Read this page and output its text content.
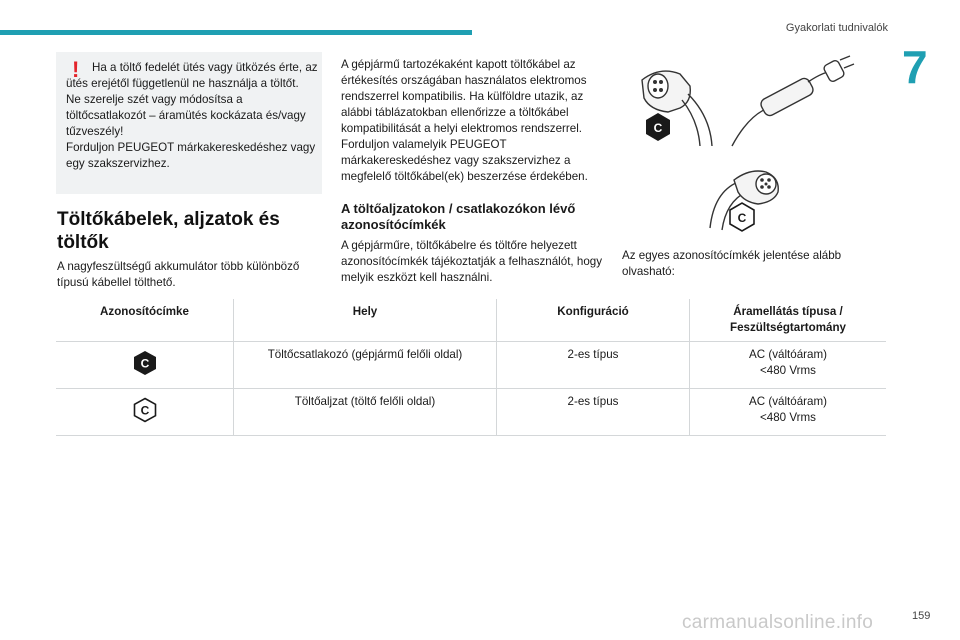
Gyakorlati tudnivalók
7
!	Ha a töltő fedelét ütés vagy ütközés érte, az ütés erejétől függetlenül ne használja a töltőt.
Ne szerelje szét vagy módosítsa a töltőcsatlakozót – áramütés kockázata és/vagy tűzveszély!
Forduljon PEUGEOT márkakereskedéshez vagy egy szakszervizhez.
Töltőkábelek, aljzatok és töltők
A nagyfeszültségű akkumulátor több különböző típusú kábellel tölthető.
A gépjármű tartozékaként kapott töltőkábel az értékesítés országában használatos elektromos rendszerrel kompatibilis. Ha külföldre utazik, az alábbi táblázatokban ellenőrizze a töltőkábel kompatibilitását a helyi elektromos rendszerrel. Forduljon valamelyik PEUGEOT márkakereskedéshez vagy szakszervizhez a megfelelő töltőkábel(ek) beszerzése érdekében.
A töltőaljzatokon / csatlakozókon lévő azonosítócímkék
A gépjárműre, töltőkábelre és töltőre helyezett azonosítócímkék tájékoztatják a felhasználót, hogy melyik eszközt kell használni.
C
C
Az egyes azonosítócímkék jelentése alább olvasható:
Azonosítócímke	Hely	Konfiguráció	Áramellátás típusa / Feszültségtartomány

C	Töltőcsatlakozó (gépjármű felőli oldal)	2-es típus	AC (váltóáram)
<480 Vrms

C	Töltőaljzat (töltő felőli oldal)	2-es típus	AC (váltóáram)
<480 Vrms
carmanualsonline.info	159
